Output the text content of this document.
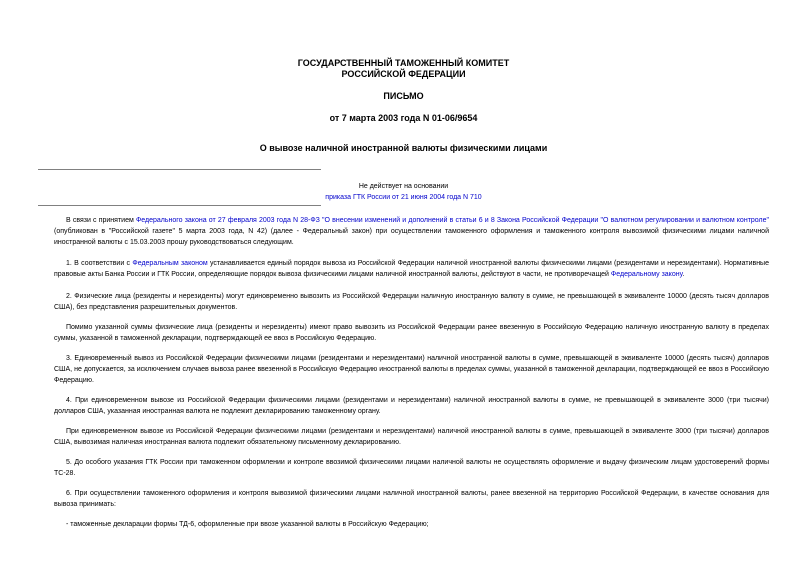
ГОСУДАРСТВЕННЫЙ ТАМОЖЕННЫЙ КОМИТЕТ
РОССИЙСКОЙ ФЕДЕРАЦИИ
ПИСЬМО
от 7 марта 2003 года N 01-06/9654
О вывозе наличной иностранной валюты физическими лицами
Не действует на основании
приказа ГТК России от 21 июня 2004 года N 710

В связи с принятием Федерального закона от 27 февраля 2003 года N 28-ФЗ "О внесении изменений и дополнений в статьи 6 и 8 Закона Российской Федерации "О валютном регулировании и валютном контроле" (опубликован в "Российской газете" 5 марта 2003 года, N 42) (далее - Федеральный закон) при осуществлении таможенного оформления и таможенного контроля вывозимой физическими лицами наличной иностранной валюты с 15.03.2003 прошу руководствоваться следующим.

1. В соответствии с Федеральным законом устанавливается единый порядок вывоза из Российской Федерации наличной иностранной валюты физическими лицами (резидентами и нерезидентами). Нормативные правовые акты Банка России и ГТК России, определяющие порядок вывоза физическими лицами наличной иностранной валюты, действуют в части, не противоречащей Федеральному закону.

2. Физические лица (резиденты и нерезиденты) могут единовременно вывозить из Российской Федерации наличную иностранную валюту в сумме, не превышающей в эквиваленте 10000 (десять тысяч долларов США), без представления разрешительных документов.

Помимо указанной суммы физические лица (резиденты и нерезиденты) имеют право вывозить из Российской Федерации ранее ввезенную в Российскую Федерацию наличную иностранную валюту в пределах суммы, указанной в таможенной декларации, подтверждающей ее ввоз в Российскую Федерацию.

3. Единовременный вывоз из Российской Федерации физическими лицами (резидентами и нерезидентами) наличной иностранной валюты в сумме, превышающей в эквиваленте 10000 (десять тысяч) долларов США, не допускается, за исключением случаев вывоза ранее ввезенной в Российскую Федерацию иностранной валюты в пределах суммы, указанной в таможенной декларации, подтверждающей ее ввоз в Российскую Федерацию.

4. При единовременном вывозе из Российской Федерации физическими лицами (резидентами и нерезидентами) наличной иностранной валюты в сумме, не превышающей в эквиваленте 3000 (три тысячи) долларов США, указанная иностранная валюта не подлежит декларированию таможенному органу.

При единовременном вывозе из Российской Федерации физическими лицами (резидентами и нерезидентами) наличной иностранной валюты в сумме, превышающей в эквиваленте 3000 (три тысячи) долларов США, вывозимая наличная иностранная валюта подлежит обязательному письменному декларированию.

5. До особого указания ГТК России при таможенном оформлении и контроле ввозимой физическими лицами наличной валюты не осуществлять оформление и выдачу физическим лицам удостоверений формы ТС-28.

6. При осуществлении таможенного оформления и контроля вывозимой физическими лицами наличной иностранной валюты, ранее ввезенной на территорию Российской Федерации, в качестве основания для вывоза принимать:

- таможенные декларации формы ТД-6, оформленные при ввозе указанной валюты в Российскую Федерацию;
